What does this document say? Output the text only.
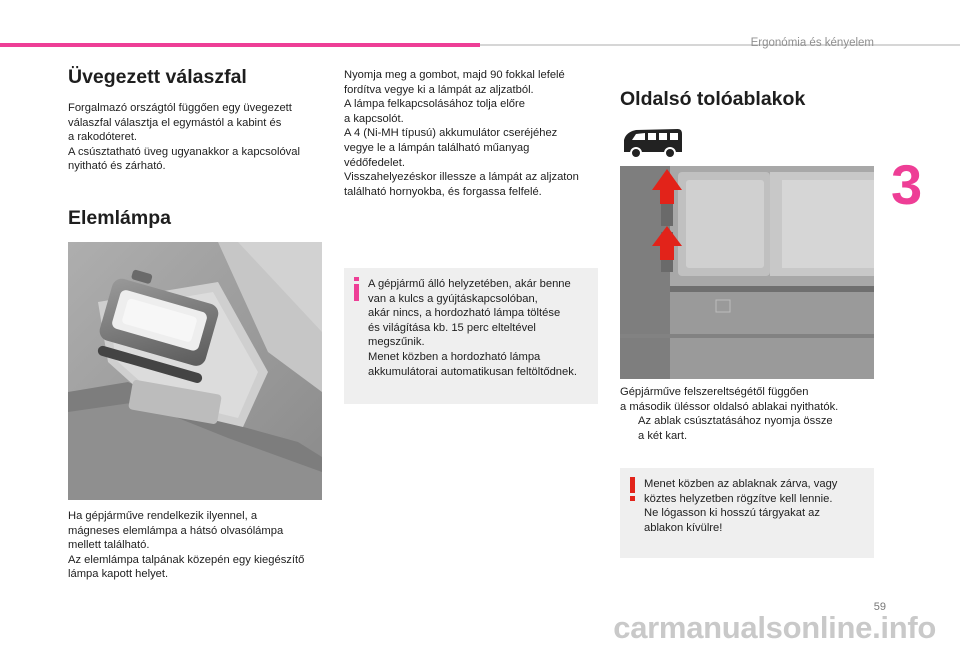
Ergonómia és kényelem
3
Üvegezett válaszfal

Forgalmazó országtól függően egy üvegezett

válaszfal választja el egymástól a kabint és

a rakodóteret.

A csúsztatható üveg ugyanakkor a kapcsolóval

nyitható és zárható.

Elemlámpa

Ha gépjárműve rendelkezik ilyennel, a

mágneses elemlámpa a hátsó olvasólámpa

mellett található.

Az elemlámpa talpának közepén egy kiegészítő

lámpa kapott helyet.

Nyomja meg a gombot, majd 90 fokkal lefelé

fordítva vegye ki a lámpát az aljzatból.

A lámpa felkapcsolásához tolja előre

a kapcsolót.

A 4 (Ni-MH típusú) akkumulátor cseréjéhez

vegye le a lámpán található műanyag

védőfedelet.

Visszahelyezéskor illessze a lámpát az aljzaton

található hornyokba, és forgassa felfelé.

A gépjármű álló helyzetében, akár benne

van a kulcs a gyújtáskapcsolóban,

akár nincs, a hordozható lámpa töltése

és világítása kb. 15 perc elteltével

megszűnik.

Menet közben a hordozható lámpa

akkumulátorai automatikusan feltöltődnek.

Oldalsó tolóablakok

Gépjárműve felszereltségétől függően

a második üléssor oldalsó ablakai nyithatók.

Az ablak csúsztatásához nyomja össze
a két kart.

Menet közben az ablaknak zárva, vagy

köztes helyzetben rögzítve kell lennie.

Ne lógasson ki hosszú tárgyakat az

ablakon kívülre!

59
carmanualsonline.info
